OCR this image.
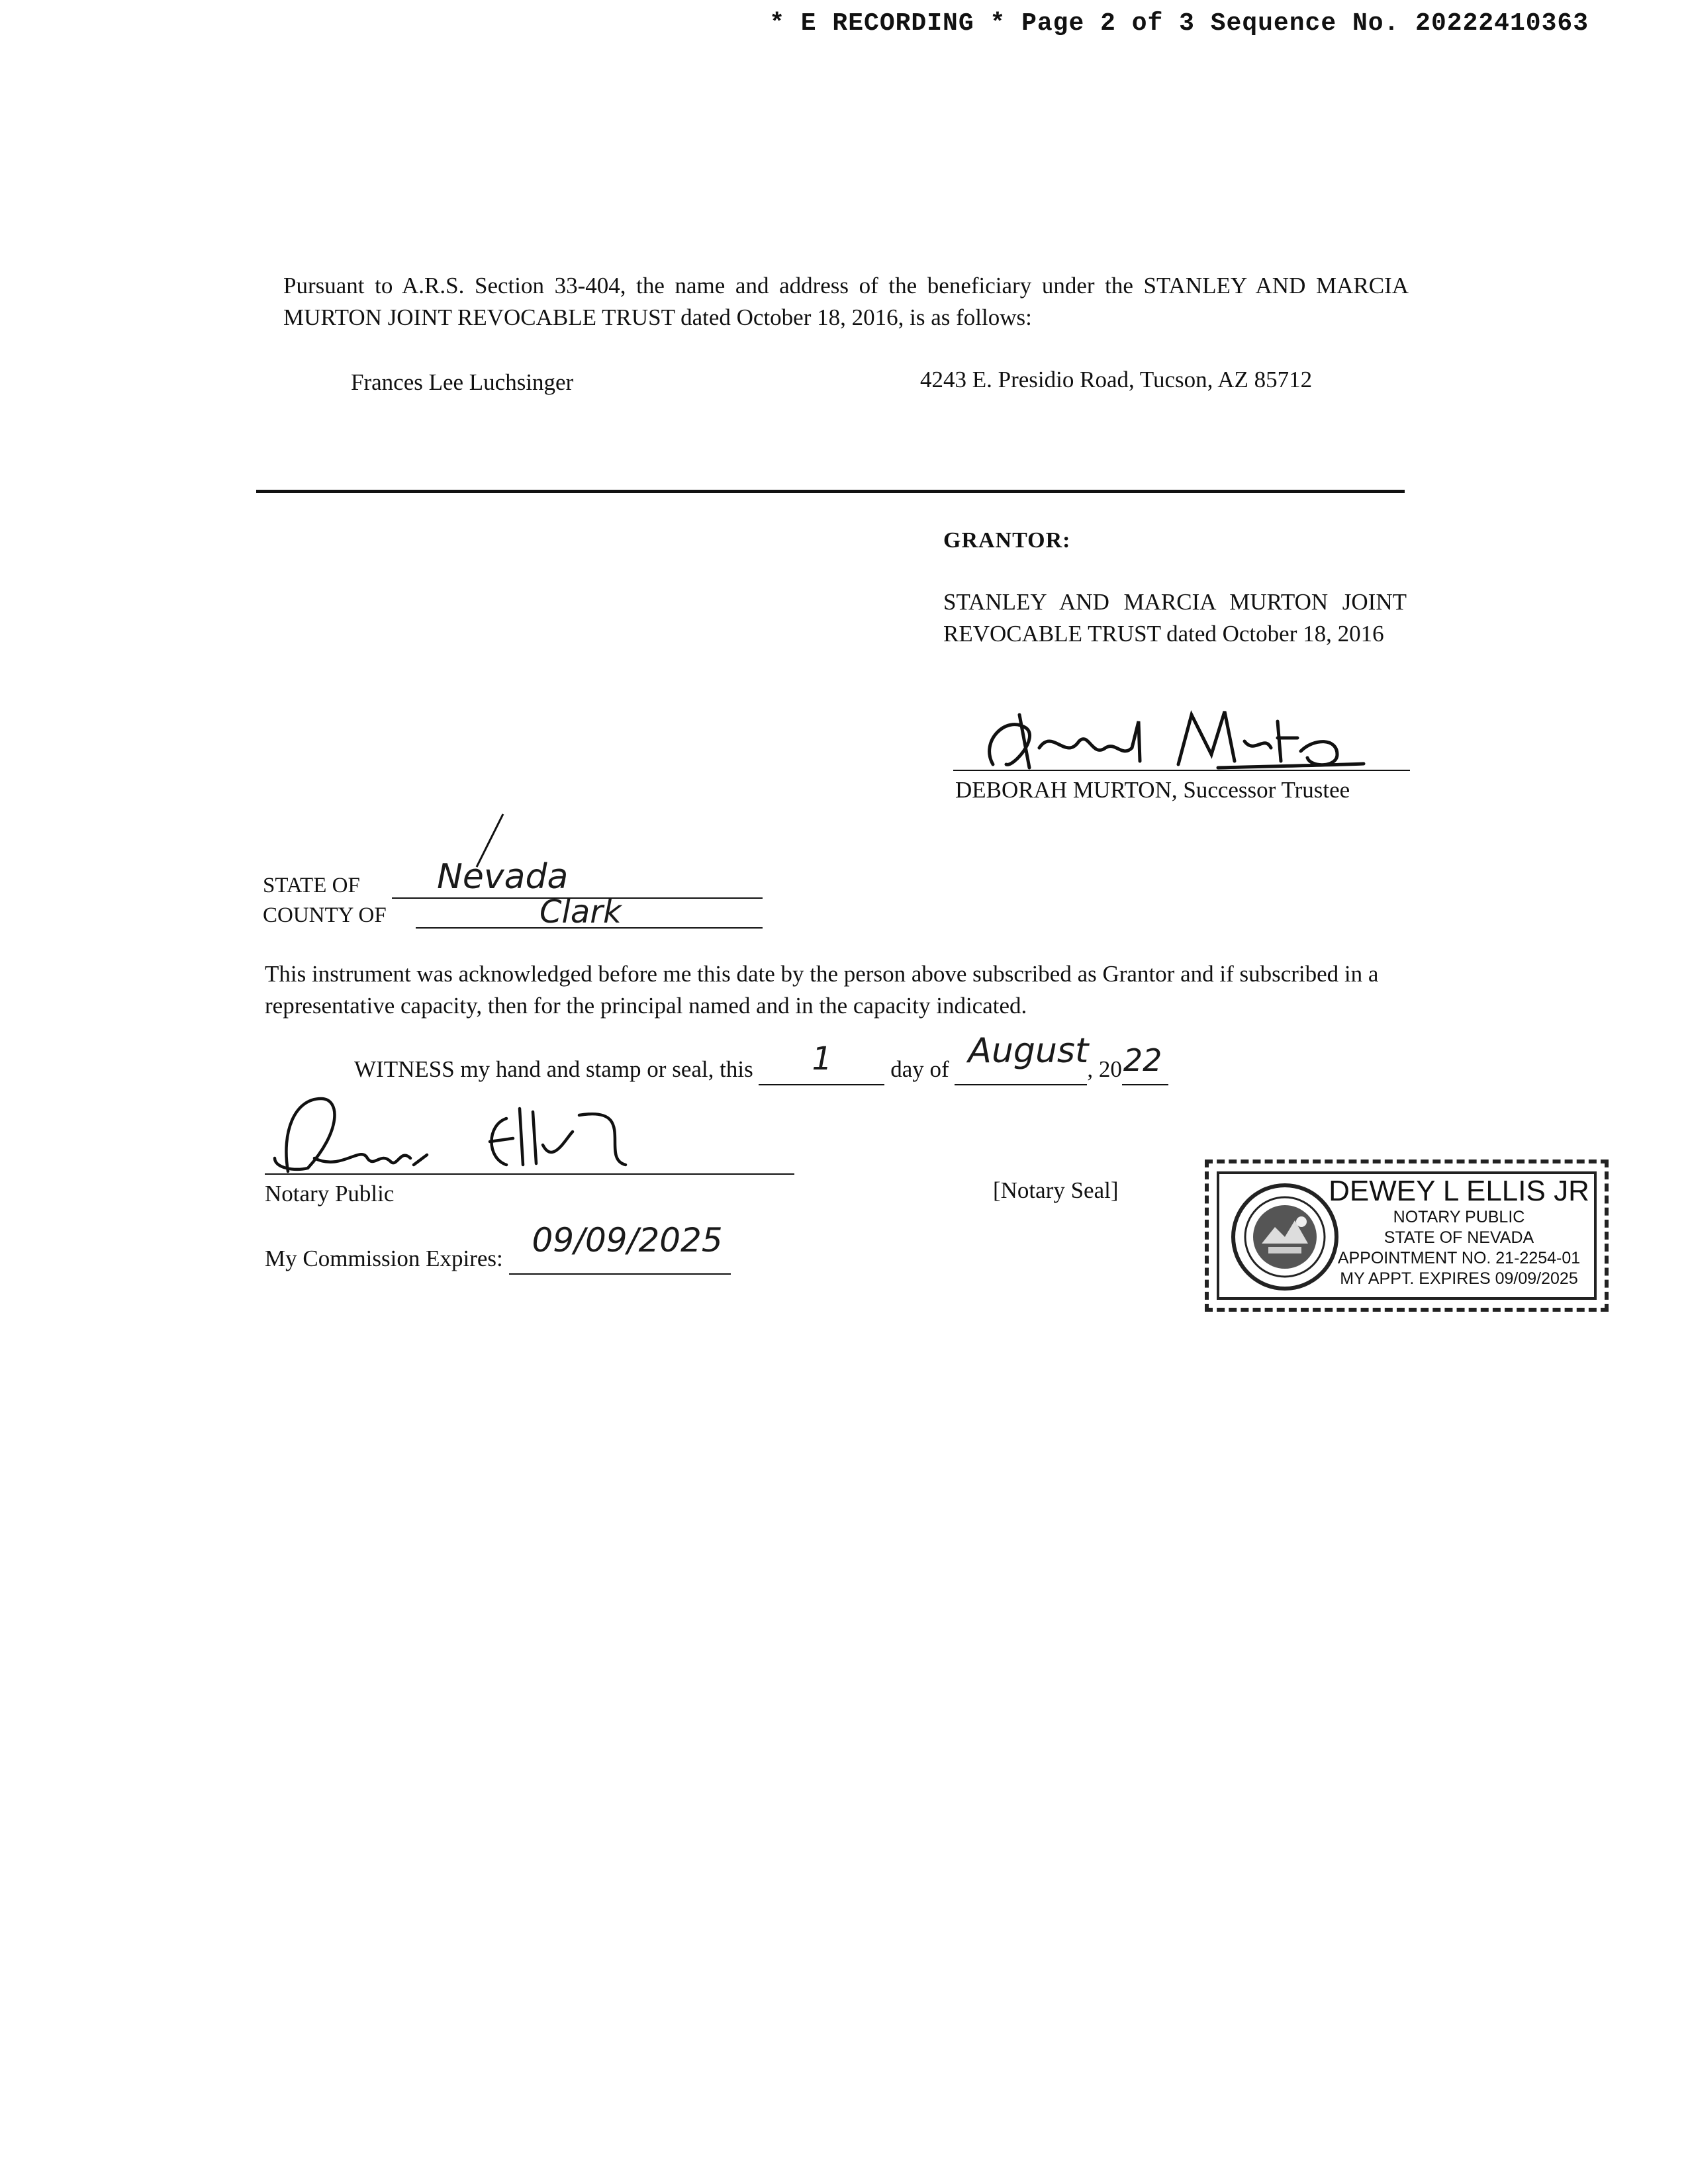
* E RECORDING * Page 2 of 3 Sequence No. 20222410363
Pursuant to A.R.S. Section 33-404, the name and address of the beneficiary under the STANLEY AND MARCIA MURTON JOINT REVOCABLE TRUST dated October 18, 2016, is as follows:
Frances Lee Luchsinger	4243 E. Presidio Road, Tucson, AZ 85712
GRANTOR:
STANLEY AND MARCIA MURTON JOINT REVOCABLE TRUST dated October 18, 2016
DEBORAH MURTON, Successor Trustee
STATE OF Nevada
COUNTY OF	Clark
This instrument was acknowledged before me this date by the person above subscribed as Grantor and if subscribed in a representative capacity, then for the principal named and in the capacity indicated.
WITNESS my hand and stamp or seal, this 1	day of August
, 20 22
Notary Public	[Notary Seal]
My Commission Expires: 09/09/2025
DEWEY L ELLIS JR
NOTARY PUBLIC
STATE OF NEVADA
APPOINTMENT NO. 21-2254-01
MY APPT. EXPIRES 09/09/2025
